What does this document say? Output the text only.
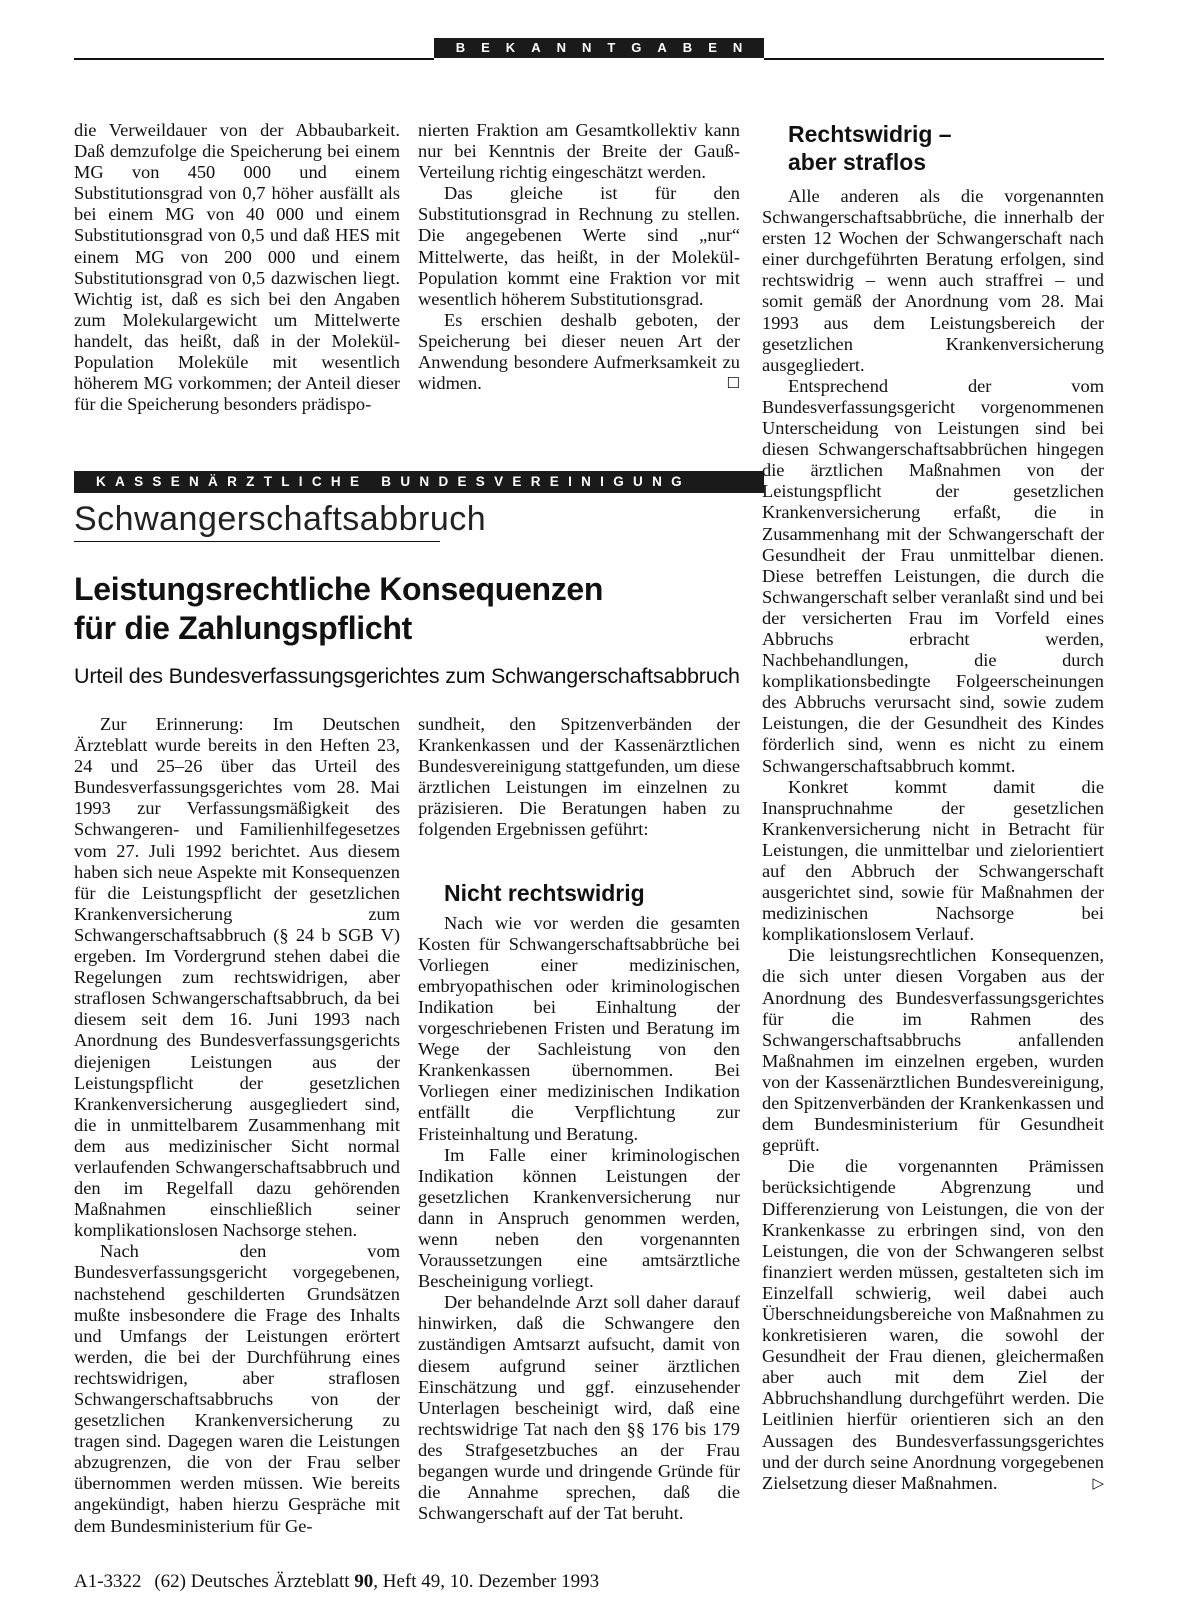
BEKANNTGABEN

die Verweildauer von der Abbaubarkeit. Daß demzufolge die Speicherung bei einem MG von 450 000 und einem Substitutionsgrad von 0,7 höher ausfällt als bei einem MG von 40 000 und einem Substitutionsgrad von 0,5 und daß HES mit einem MG von 200 000 und einem Substitutionsgrad von 0,5 dazwischen liegt. Wichtig ist, daß es sich bei den Angaben zum Molekulargewicht um Mittelwerte handelt, das heißt, daß in der Molekül-Population Moleküle mit wesentlich höherem MG vorkommen; der Anteil dieser für die Speicherung besonders prädispo-

nierten Fraktion am Gesamtkollektiv kann nur bei Kenntnis der Breite der Gauß-Verteilung richtig eingeschätzt werden.

Das gleiche ist für den Substitutionsgrad in Rechnung zu stellen. Die angegebenen Werte sind „nur“ Mittelwerte, das heißt, in der Molekül-Population kommt eine Fraktion vor mit wesentlich höherem Substitutionsgrad.

Es erschien deshalb geboten, der Speicherung bei dieser neuen Art der Anwendung besondere Aufmerksamkeit zu widmen.	☐

KASSENÄRZTLICHE BUNDESVEREINIGUNG
Schwangerschaftsabbruch
Leistungsrechtliche Konsequenzen
für die Zahlungspflicht
Urteil des Bundesverfassungsgerichtes zum Schwangerschaftsabbruch

Zur Erinnerung: Im Deutschen Ärzteblatt wurde bereits in den Heften 23, 24 und 25–26 über das Urteil des Bundesverfassungsgerichtes vom 28. Mai 1993 zur Verfassungsmäßigkeit des Schwangeren- und Familienhilfegesetzes vom 27. Juli 1992 berichtet. Aus diesem haben sich neue Aspekte mit Konsequenzen für die Leistungspflicht der gesetzlichen Krankenversicherung zum Schwangerschaftsabbruch (§ 24 b SGB V) ergeben. Im Vordergrund stehen dabei die Regelungen zum rechtswidrigen, aber straflosen Schwangerschaftsabbruch, da bei diesem seit dem 16. Juni 1993 nach Anordnung des Bundesverfassungsgerichts diejenigen Leistungen aus der Leistungspflicht der gesetzlichen Krankenversicherung ausgegliedert sind, die in unmittelbarem Zusammenhang mit dem aus medizinischer Sicht normal verlaufenden Schwangerschaftsabbruch und den im Regelfall dazu gehörenden Maßnahmen einschließlich seiner komplikationslosen Nachsorge stehen.

Nach den vom Bundesverfassungsgericht vorgegebenen, nachstehend geschilderten Grundsätzen mußte insbesondere die Frage des Inhalts und Umfangs der Leistungen erörtert werden, die bei der Durchführung eines rechtswidrigen, aber straflosen Schwangerschaftsabbruchs von der gesetzlichen Krankenversicherung zu tragen sind. Dagegen waren die Leistungen abzugrenzen, die von der Frau selber übernommen werden müssen. Wie bereits angekündigt, haben hierzu Gespräche mit dem Bundesministerium für Ge-

sundheit, den Spitzenverbänden der Krankenkassen und der Kassenärztlichen Bundesvereinigung stattgefunden, um diese ärztlichen Leistungen im einzelnen zu präzisieren. Die Beratungen haben zu folgenden Ergebnissen geführt:

Nicht rechtswidrig

Nach wie vor werden die gesamten Kosten für Schwangerschaftsabbrüche bei Vorliegen einer medizinischen, embryopathischen oder kriminologischen Indikation bei Einhaltung der vorgeschriebenen Fristen und Beratung im Wege der Sachleistung von den Krankenkassen übernommen. Bei Vorliegen einer medizinischen Indikation entfällt die Verpflichtung zur Fristeinhaltung und Beratung.

Im Falle einer kriminologischen Indikation können Leistungen der gesetzlichen Krankenversicherung nur dann in Anspruch genommen werden, wenn neben den vorgenannten Voraussetzungen eine amtsärztliche Bescheinigung vorliegt.

Der behandelnde Arzt soll daher darauf hinwirken, daß die Schwangere den zuständigen Amtsarzt aufsucht, damit von diesem aufgrund seiner ärztlichen Einschätzung und ggf. einzusehender Unterlagen bescheinigt wird, daß eine rechtswidrige Tat nach den §§ 176 bis 179 des Strafgesetzbuches an der Frau begangen wurde und dringende Gründe für die Annahme sprechen, daß die Schwangerschaft auf der Tat beruht.

Rechtswidrig –
aber straflos

Alle anderen als die vorgenannten Schwangerschaftsabbrüche, die innerhalb der ersten 12 Wochen der Schwangerschaft nach einer durchgeführten Beratung erfolgen, sind rechtswidrig – wenn auch straffrei – und somit gemäß der Anordnung vom 28. Mai 1993 aus dem Leistungsbereich der gesetzlichen Krankenversicherung ausgegliedert.

Entsprechend der vom Bundesverfassungsgericht vorgenommenen Unterscheidung von Leistungen sind bei diesen Schwangerschaftsabbrüchen hingegen die ärztlichen Maßnahmen von der Leistungspflicht der gesetzlichen Krankenversicherung erfaßt, die in Zusammenhang mit der Schwangerschaft der Gesundheit der Frau unmittelbar dienen. Diese betreffen Leistungen, die durch die Schwangerschaft selber veranlaßt sind und bei der versicherten Frau im Vorfeld eines Abbruchs erbracht werden, Nachbehandlungen, die durch komplikationsbedingte Folgeerscheinungen des Abbruchs verursacht sind, sowie zudem Leistungen, die der Gesundheit des Kindes förderlich sind, wenn es nicht zu einem Schwangerschaftsabbruch kommt.

Konkret kommt damit die Inanspruchnahme der gesetzlichen Krankenversicherung nicht in Betracht für Leistungen, die unmittelbar und zielorientiert auf den Abbruch der Schwangerschaft ausgerichtet sind, sowie für Maßnahmen der medizinischen Nachsorge bei komplikationslosem Verlauf.

Die leistungsrechtlichen Konsequenzen, die sich unter diesen Vorgaben aus der Anordnung des Bundesverfassungsgerichtes für die im Rahmen des Schwangerschaftsabbruchs anfallenden Maßnahmen im einzelnen ergeben, wurden von der Kassenärztlichen Bundesvereinigung, den Spitzenverbänden der Krankenkassen und dem Bundesministerium für Gesundheit geprüft.

Die die vorgenannten Prämissen berücksichtigende Abgrenzung und Differenzierung von Leistungen, die von der Krankenkasse zu erbringen sind, von den Leistungen, die von der Schwangeren selbst finanziert werden müssen, gestalteten sich im Einzelfall schwierig, weil dabei auch Überschneidungsbereiche von Maßnahmen zu konkretisieren waren, die sowohl der Gesundheit der Frau dienen, gleichermaßen aber auch mit dem Ziel der Abbruchshandlung durchgeführt werden. Die Leitlinien hierfür orientieren sich an den Aussagen des Bundesverfassungsgerichtes und der durch seine Anordnung vorgegebenen Zielsetzung dieser Maßnahmen.	▷

A1-3322 (62) Deutsches Ärzteblatt 90, Heft 49, 10. Dezember 1993
